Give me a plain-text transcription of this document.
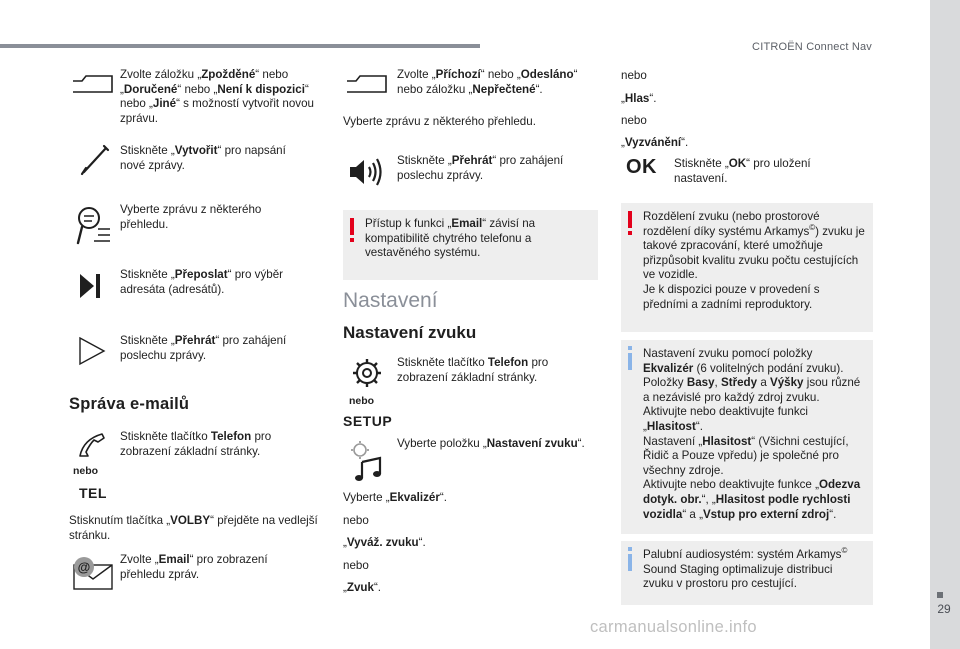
CITROËN Connect Nav
29
carmanualsonline.info
Zvolte záložku „Zpožděné“ nebo „Doručené“ nebo „Není k dispozici“ nebo „Jiné“ s možností vytvořit novou zprávu.
Stiskněte „Vytvořit“ pro napsání nové zprávy.
Vyberte zprávu z některého přehledu.
Stiskněte „Přeposlat“ pro výběr adresáta (adresátů).
Stiskněte „Přehrát“ pro zahájení poslechu zprávy.
Správa e-mailů
nebo
TEL
Stiskněte tlačítko Telefon pro zobrazení základní stránky.
Stisknutím tlačítka „VOLBY“ přejděte na vedlejší stránku.
@	Zvolte „Email“ pro zobrazení přehledu zpráv.
Zvolte „Příchozí“ nebo „Odesláno“ nebo záložku „Nepřečtené“.
Vyberte zprávu z některého přehledu.
Stiskněte „Přehrát“ pro zahájení poslechu zprávy.
Přístup k funkci „Email“ závisí na kompatibilitě chytrého telefonu a vestavěného systému.
Nastavení
Nastavení zvuku
nebo
SETUP
Stiskněte tlačítko Telefon pro zobrazení základní stránky.
Vyberte položku „Nastavení zvuku“.
Vyberte „Ekvalizér“.
nebo
„Vyváž. zvuku“.
nebo
„Zvuk“.
nebo
„Hlas“.
nebo
„Vyzvánění“.
OK Stiskněte „OK“ pro uložení nastavení.
Rozdělení zvuku (nebo prostorové rozdělení díky systému Arkamys©) zvuku je takové zpracování, které umožňuje přizpůsobit kvalitu zvuku počtu cestujících ve vozidle.
Je k dispozici pouze v provedení s předními a zadními reproduktory.
Nastavení zvuku pomocí položky Ekvalizér (6 volitelných podání zvuku).
Položky Basy, Středy a Výšky jsou různé a nezávislé pro každý zdroj zvuku.
Aktivujte nebo deaktivujte funkci „Hlasitost“.
Nastavení „Hlasitost“ (Všichni cestující, Řidič a Pouze vpředu) je společné pro všechny zdroje.
Aktivujte nebo deaktivujte funkce „Odezva dotyk. obr.“, „Hlasitost podle rychlosti vozidla“ a „Vstup pro externí zdroj“.
Palubní audiosystém: systém Arkamys© Sound Staging optimalizuje distribuci zvuku v prostoru pro cestující.
